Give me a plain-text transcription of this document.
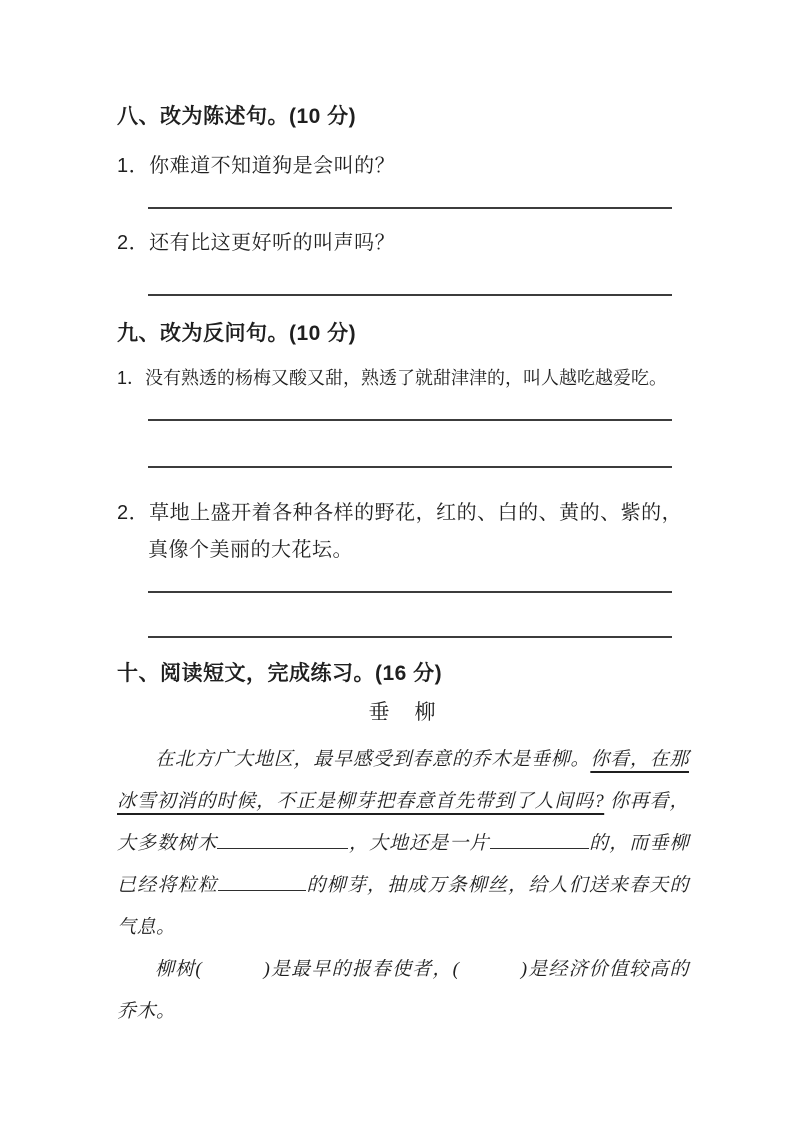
八、改为陈述句。(10 分)
1．你难道不知道狗是会叫的？
2．还有比这更好听的叫声吗？
九、改为反问句。(10 分)
1．没有熟透的杨梅又酸又甜，熟透了就甜津津的，叫人越吃越爱吃。
2．草地上盛开着各种各样的野花，红的、白的、黄的、紫的，真像个美丽的大花坛。
十、阅读短文，完成练习。(16 分)
垂　柳

在北方广大地区，最早感受到春意的乔木是垂柳。你看，在那冰雪初消的时候，不正是柳芽把春意首先带到了人间吗? 你再看，大多数树木	，大地还是一片	的，而垂柳已经将粒粒	的柳芽，抽成万条柳丝，给人们送来春天的气息。

柳树(　　　)是最早的报春使者，(　　　)是经济价值较高的乔木。
